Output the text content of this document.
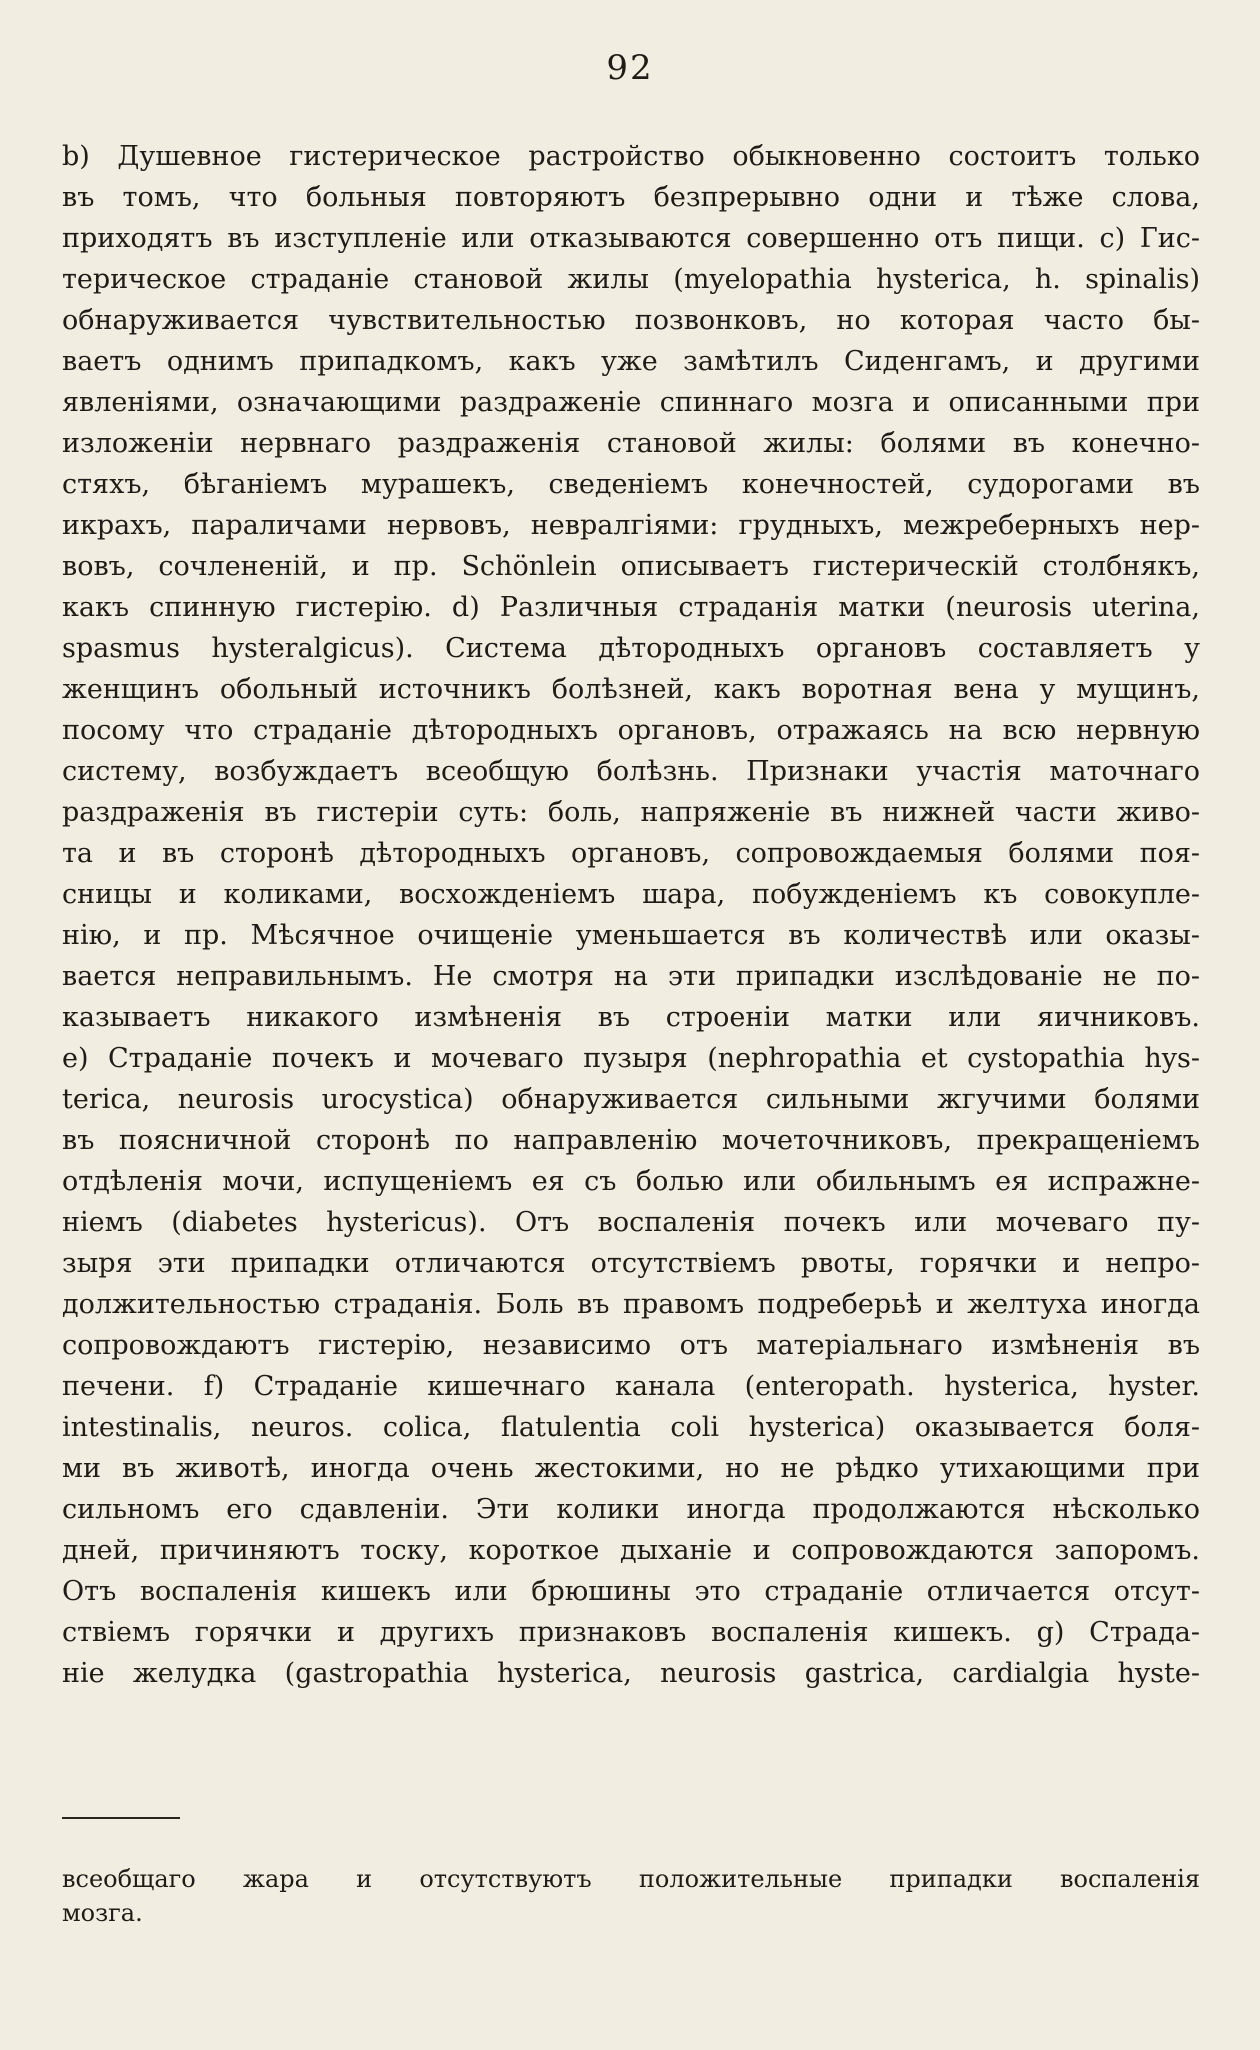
92
b) Душевное гистерическое растройство обыкновенно состоитъ только
въ томъ, что больныя повторяютъ безпрерывно одни и тѣже слова,
приходятъ въ изступленіе или отказываются совершенно отъ пищи. с) Гис-
терическое страданіе становой жилы (myelopathia hysterica, h. spinalis)
обнаруживается чувствительностью позвонковъ, но которая часто бы-
ваетъ однимъ припадкомъ, какъ уже замѣтилъ Сиденгамъ, и другими
явленіями, означающими раздраженіе спиннаго мозга и описанными при
изложеніи нервнаго раздраженія становой жилы: болями въ конечно-
стяхъ, бѣганіемъ мурашекъ, сведеніемъ конечностей, судорогами въ
икрахъ, параличами нервовъ, невралгіями: грудныхъ, межреберныхъ нер-
вовъ, сочлененій, и пр. Schönlein описываетъ гистерическій столбнякъ,
какъ спинную гистерію. d) Различныя страданія матки (neurosis uterina,
spasmus hysteralgicus). Система дѣтородныхъ органовъ составляетъ у
женщинъ обольный источникъ болѣзней, какъ воротная вена у мущинъ,
посому что страданіе дѣтородныхъ органовъ, отражаясь на всю нервную
систему, возбуждаетъ всеобщую болѣзнь. Признаки участія маточнаго
раздраженія въ гистеріи суть: боль, напряженіе въ нижней части живо-
та и въ сторонѣ дѣтородныхъ органовъ, сопровождаемыя болями поя-
сницы и коликами, восхожденіемъ шара, побужденіемъ къ совокупле-
нію, и пр. Мѣсячное очищеніе уменьшается въ количествѣ или оказы-
вается неправильнымъ. Не смотря на эти припадки изслѣдованіе не по-
казываетъ никакого измѣненія въ строеніи матки или яичниковъ.
e) Страданіе почекъ и мочеваго пузыря (nephropathia et cystopathia hys-
terica, neurosis urocystica) обнаруживается сильными жгучими болями
въ поясничной сторонѣ по направленію мочеточниковъ, прекращеніемъ
отдѣленія мочи, испущеніемъ ея съ болью или обильнымъ ея испражне-
ніемъ (diabetes hystericus). Отъ воспаленія почекъ или мочеваго пу-
зыря эти припадки отличаются отсутствіемъ рвоты, горячки и непро-
должительностью страданія. Боль въ правомъ подреберьѣ и желтуха иногда
сопровождаютъ гистерію, независимо отъ матеріальнаго измѣненія въ
печени. f) Страданіе кишечнаго канала (enteropath. hysterica, hyster.
intestinalis, neuros. colica, flatulentia coli hysterica) оказывается боля-
ми въ животѣ, иногда очень жестокими, но не рѣдко утихающими при
сильномъ его сдавленіи. Эти колики иногда продолжаются нѣсколько
дней, причиняютъ тоску, короткое дыханіе и сопровождаются запоромъ.
Отъ воспаленія кишекъ или брюшины это страданіе отличается отсут-
ствіемъ горячки и другихъ признаковъ воспаленія кишекъ. g) Страда-
ніе желудка (gastropathia hysterica, neurosis gastrica, cardialgia hyste-
всеобщаго жара и отсутствуютъ положительные припадки воспаленія
мозга.
